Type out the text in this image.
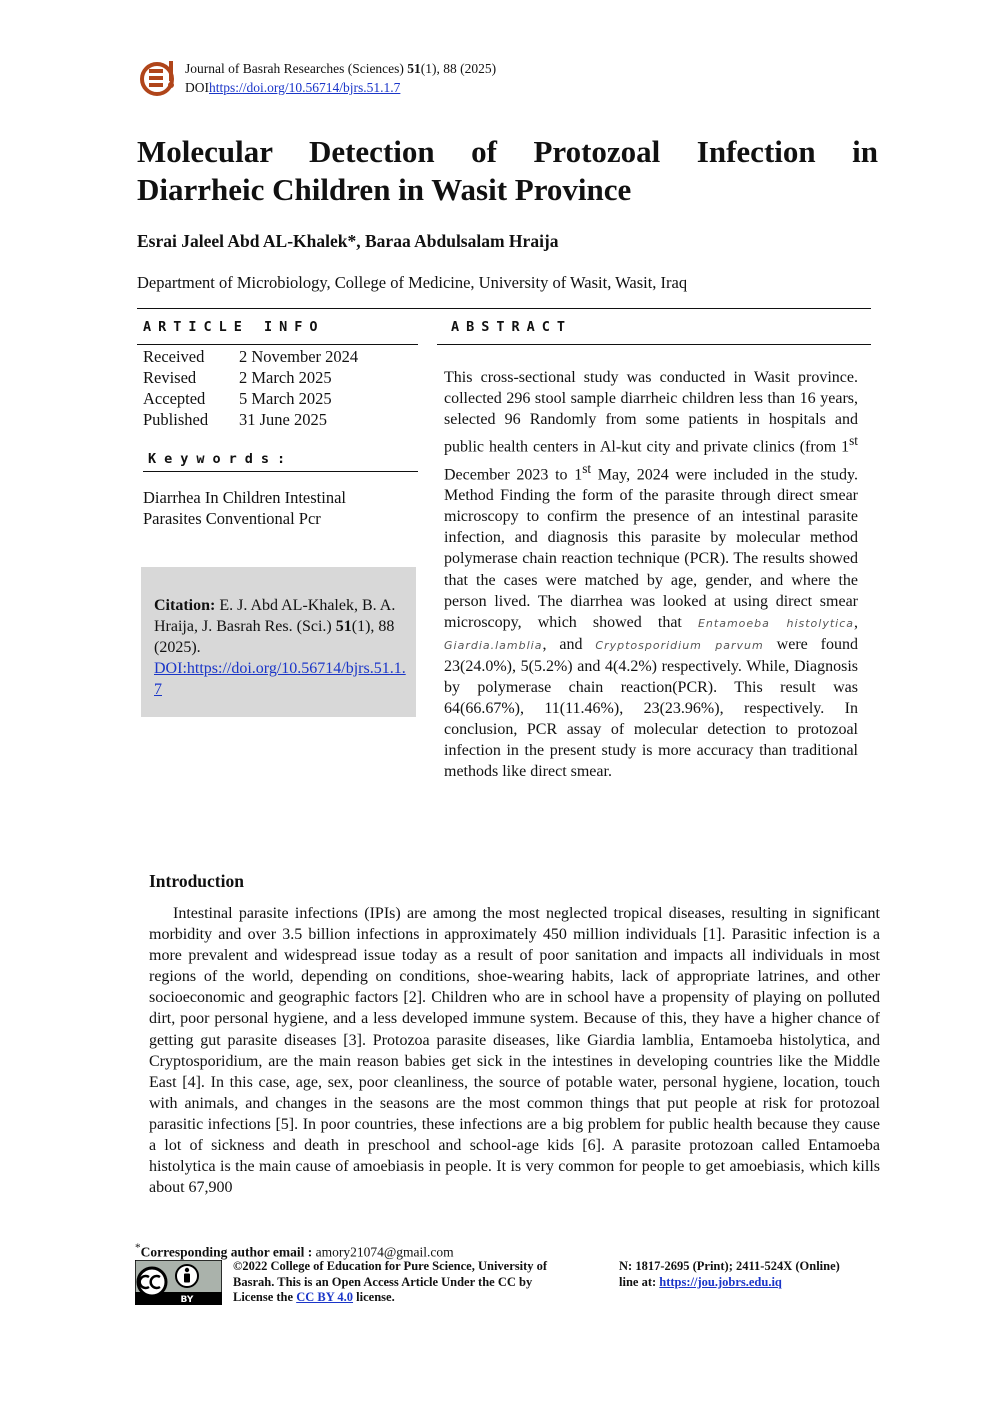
Journal of Basrah Researches (Sciences) 51(1), 88 (2025)
DOIhttps://doi.org/10.56714/bjrs.51.1.7
Molecular Detection of Protozoal Infection in
Diarrheic Children in Wasit Province
Esrai Jaleel Abd AL-Khalek*, Baraa Abdulsalam Hraija
Department of Microbiology, College of Medicine, University of Wasit, Wasit, Iraq
ARTICLE INFO	ABSTRACT
Received	2 November 2024
Revised	2 March 2025
Accepted	5 March 2025
Published	31 June 2025
Keywords:
Diarrhea In Children Intestinal Parasites Conventional Pcr
Citation: E. J. Abd AL-Khalek, B. A. Hraija, J. Basrah Res. (Sci.) 51(1), 88 (2025).
DOI:https://doi.org/10.56714/bjrs.51.1.7
This cross-sectional study was conducted in Wasit province. collected 296 stool sample diarrheic children less than 16 years, selected 96 Randomly from some patients in hospitals and public health centers in Al-kut city and private clinics (from 1st December 2023 to 1st May, 2024 were included in the study. Method Finding the form of the parasite through direct smear microscopy to confirm the presence of an intestinal parasite infection, and diagnosis this parasite by molecular method polymerase chain reaction technique (PCR). The results showed that the cases were matched by age, gender, and where the person lived. The diarrhea was looked at using direct smear microscopy, which showed that Entamoeba histolytica, Giardia.lamblia, and Cryptosporidium parvum were found 23(24.0%), 5(5.2%) and 4(4.2%) respectively. While, Diagnosis by polymerase chain reaction(PCR). This result was 64(66.67%), 11(11.46%), 23(23.96%), respectively. In conclusion, PCR assay of molecular detection to protozoal infection in the present study is more accuracy than traditional methods like direct smear.
Introduction
Intestinal parasite infections (IPIs) are among the most neglected tropical diseases, resulting in significant morbidity and over 3.5 billion infections in approximately 450 million individuals [1]. Parasitic infection is a more prevalent and widespread issue today as a result of poor sanitation and impacts all individuals in most regions of the world, depending on conditions, shoe-wearing habits, lack of appropriate latrines, and other socioeconomic and geographic factors [2]. Children who are in school have a propensity of playing on polluted dirt, poor personal hygiene, and a less developed immune system. Because of this, they have a higher chance of getting gut parasite diseases [3]. Protozoa parasite diseases, like Giardia lamblia, Entamoeba histolytica, and Cryptosporidium, are the main reason babies get sick in the intestines in developing countries like the Middle East [4]. In this case, age, sex, poor cleanliness, the source of potable water, personal hygiene, location, touch with animals, and changes in the seasons are the most common things that put people at risk for protozoal parasitic infections [5]. In poor countries, these infections are a big problem for public health because they cause a lot of sickness and death in preschool and school-age kids [6]. A parasite protozoan called Entamoeba histolytica is the main cause of amoebiasis in people. It is very common for people to get amoebiasis, which kills about 67,900
*Corresponding author email : amory21074@gmail.com
BY
©2022 College of Education for Pure Science, University of Basrah. This is an Open Access Article Under the CC by License the CC BY 4.0 license.
N: 1817-2695 (Print); 2411-524X (Online)
line at: https://jou.jobrs.edu.iq
